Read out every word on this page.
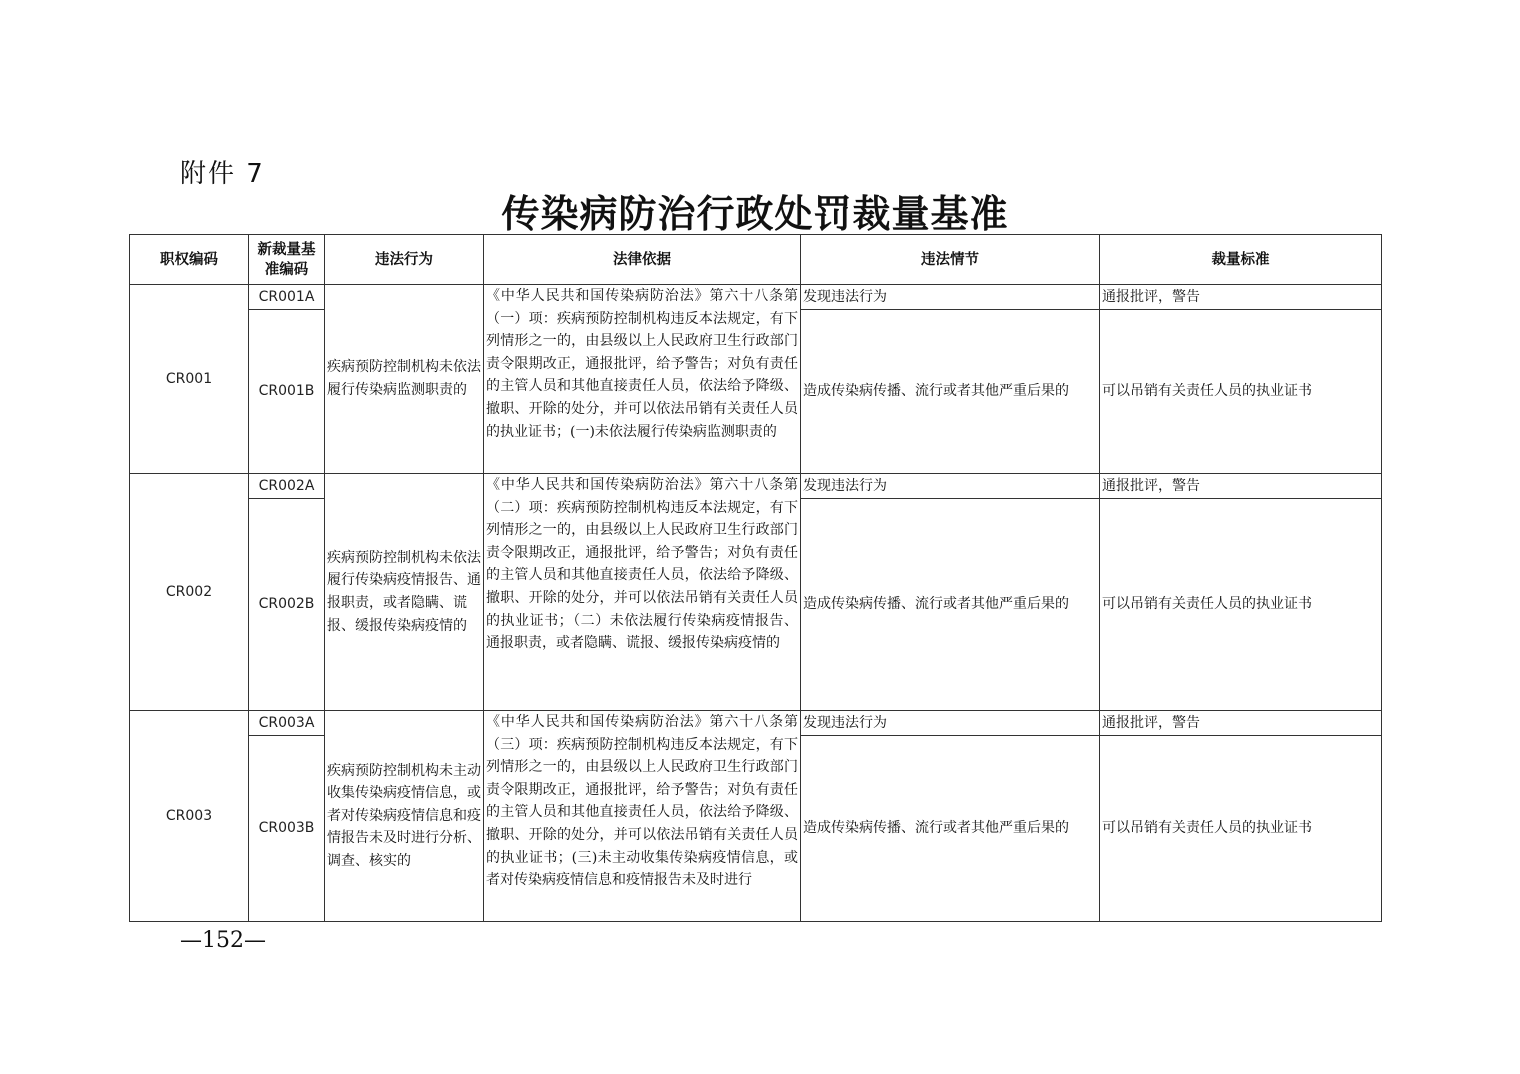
附件 7
传染病防治行政处罚裁量基准
职权编码	新裁量基准编码	违法行为	法律依据	违法情节	裁量标准
CR001	CR001A	疾病预防控制机构未依法履行传染病监测职责的	《中华人民共和国传染病防治法》第六十八条第（一）项：疾病预防控制机构违反本法规定，有下列情形之一的，由县级以上人民政府卫生行政部门责令限期改正，通报批评，给予警告；对负有责任的主管人员和其他直接责任人员，依法给予降级、撤职、开除的处分，并可以依法吊销有关责任人员的执业证书；(一)未依法履行传染病监测职责的	发现违法行为	通报批评，警告
	CR001B			造成传染病传播、流行或者其他严重后果的	可以吊销有关责任人员的执业证书
CR002	CR002A	疾病预防控制机构未依法履行传染病疫情报告、通报职责，或者隐瞒、谎报、缓报传染病疫情的	《中华人民共和国传染病防治法》第六十八条第（二）项：疾病预防控制机构违反本法规定，有下列情形之一的，由县级以上人民政府卫生行政部门责令限期改正，通报批评，给予警告；对负有责任的主管人员和其他直接责任人员，依法给予降级、撤职、开除的处分，并可以依法吊销有关责任人员的执业证书；（二）未依法履行传染病疫情报告、通报职责，或者隐瞒、谎报、缓报传染病疫情的	发现违法行为	通报批评，警告
	CR002B			造成传染病传播、流行或者其他严重后果的	可以吊销有关责任人员的执业证书
CR003	CR003A	疾病预防控制机构未主动收集传染病疫情信息，或者对传染病疫情信息和疫情报告未及时进行分析、调查、核实的	《中华人民共和国传染病防治法》第六十八条第（三）项：疾病预防控制机构违反本法规定，有下列情形之一的，由县级以上人民政府卫生行政部门责令限期改正，通报批评，给予警告；对负有责任的主管人员和其他直接责任人员，依法给予降级、撤职、开除的处分，并可以依法吊销有关责任人员的执业证书；(三)未主动收集传染病疫情信息，或者对传染病疫情信息和疫情报告未及时进行	发现违法行为	通报批评，警告
	CR003B			造成传染病传播、流行或者其他严重后果的	可以吊销有关责任人员的执业证书
—152—
